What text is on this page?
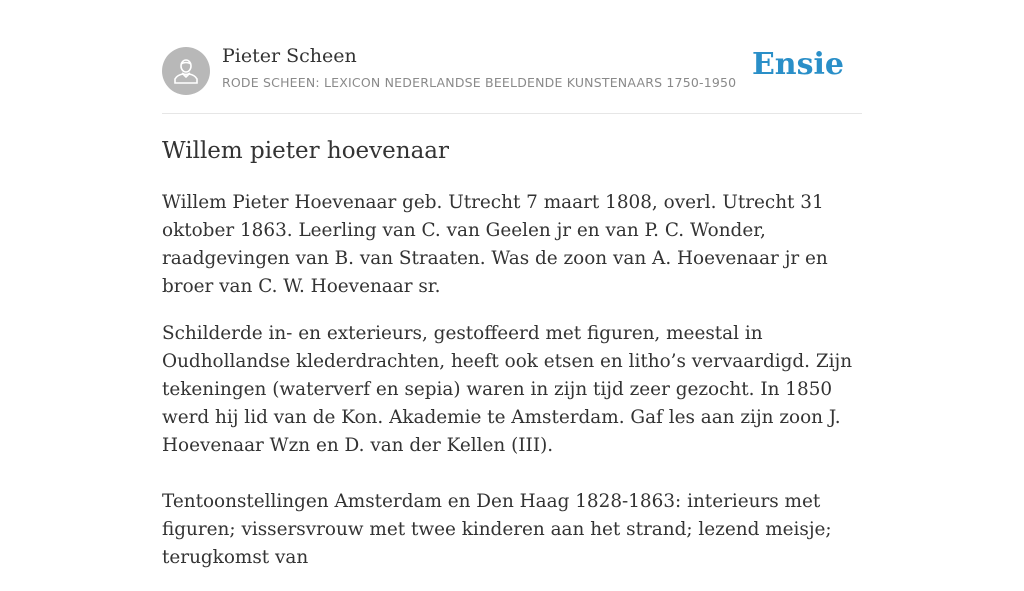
Pieter Scheen
RODE SCHEEN: LEXICON NEDERLANDSE BEELDENDE KUNSTENAARS 1750-1950
Ensie
Willem pieter hoevenaar

Willem Pieter Hoevenaar geb. Utrecht 7 maart 1808, overl. Utrecht 31 oktober 1863. Leerling van C. van Geelen jr en van P. C. Wonder, raadgevingen van B. van Straaten. Was de zoon van A. Hoevenaar jr en broer van C. W. Hoevenaar sr.

Schilderde in- en exterieurs, gestoffeerd met figuren, meestal in Oudhollandse klederdrachten, heeft ook etsen en litho’s vervaardigd. Zijn tekeningen (waterverf en sepia) waren in zijn tijd zeer gezocht. In 1850 werd hij lid van de Kon. Akademie te Amsterdam. Gaf les aan zijn zoon J. Hoevenaar Wzn en D. van der Kellen (III).

Tentoonstellingen Amsterdam en Den Haag 1828-1863: interieurs met figuren; vissersvrouw met twee kinderen aan het strand; lezend meisje; terugkomst van
